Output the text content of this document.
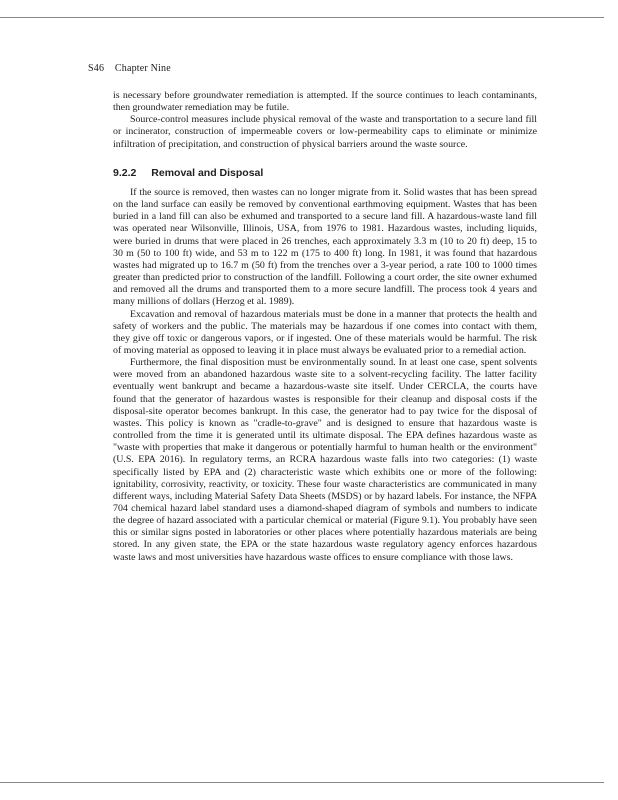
S46 Chapter Nine

is necessary before groundwater remediation is attempted. If the source continues to leach contaminants, then groundwater remediation may be futile.

Source-control measures include physical removal of the waste and transportation to a secure land fill or incinerator, construction of impermeable covers or low-permeability caps to eliminate or minimize infiltration of precipitation, and construction of physical barriers around the waste source.

9.2.2 Removal and Disposal

If the source is removed, then wastes can no longer migrate from it. Solid wastes that has been spread on the land surface can easily be removed by conventional earthmoving equipment. Wastes that has been buried in a land fill can also be exhumed and transported to a secure land fill. A hazardous-waste land fill was operated near Wilsonville, Illinois, USA, from 1976 to 1981. Hazardous wastes, including liquids, were buried in drums that were placed in 26 trenches, each approximately 3.3 m (10 to 20 ft) deep, 15 to 30 m (50 to 100 ft) wide, and 53 m to 122 m (175 to 400 ft) long. In 1981, it was found that hazardous wastes had migrated up to 16.7 m (50 ft) from the trenches over a 3-year period, a rate 100 to 1000 times greater than predicted prior to construction of the landfill. Following a court order, the site owner exhumed and removed all the drums and transported them to a more secure landfill. The process took 4 years and many millions of dollars (Herzog et al. 1989).

Excavation and removal of hazardous materials must be done in a manner that protects the health and safety of workers and the public. The materials may be hazardous if one comes into contact with them, they give off toxic or dangerous vapors, or if ingested. One of these materials would be harmful. The risk of moving material as opposed to leaving it in place must always be evaluated prior to a remedial action.

Furthermore, the final disposition must be environmentally sound. In at least one case, spent solvents were moved from an abandoned hazardous waste site to a solvent-recycling facility. The latter facility eventually went bankrupt and became a hazardous-waste site itself. Under CERCLA, the courts have found that the generator of hazardous wastes is responsible for their cleanup and disposal costs if the disposal-site operator becomes bankrupt. In this case, the generator had to pay twice for the disposal of wastes. This policy is known as "cradle-to-grave" and is designed to ensure that hazardous waste is controlled from the time it is generated until its ultimate disposal. The EPA defines hazardous waste as "waste with properties that make it dangerous or potentially harmful to human health or the environment" (U.S. EPA 2016). In regulatory terms, an RCRA hazardous waste falls into two categories: (1) waste specifically listed by EPA and (2) characteristic waste which exhibits one or more of the following: ignitability, corrosivity, reactivity, or toxicity. These four waste characteristics are communicated in many different ways, including Material Safety Data Sheets (MSDS) or by hazard labels. For instance, the NFPA 704 chemical hazard label standard uses a diamond-shaped diagram of symbols and numbers to indicate the degree of hazard associated with a particular chemical or material (Figure 9.1). You probably have seen this or similar signs posted in laboratories or other places where potentially hazardous materials are being stored. In any given state, the EPA or the state hazardous waste regulatory agency enforces hazardous waste laws and most universities have hazardous waste offices to ensure compliance with those laws.
